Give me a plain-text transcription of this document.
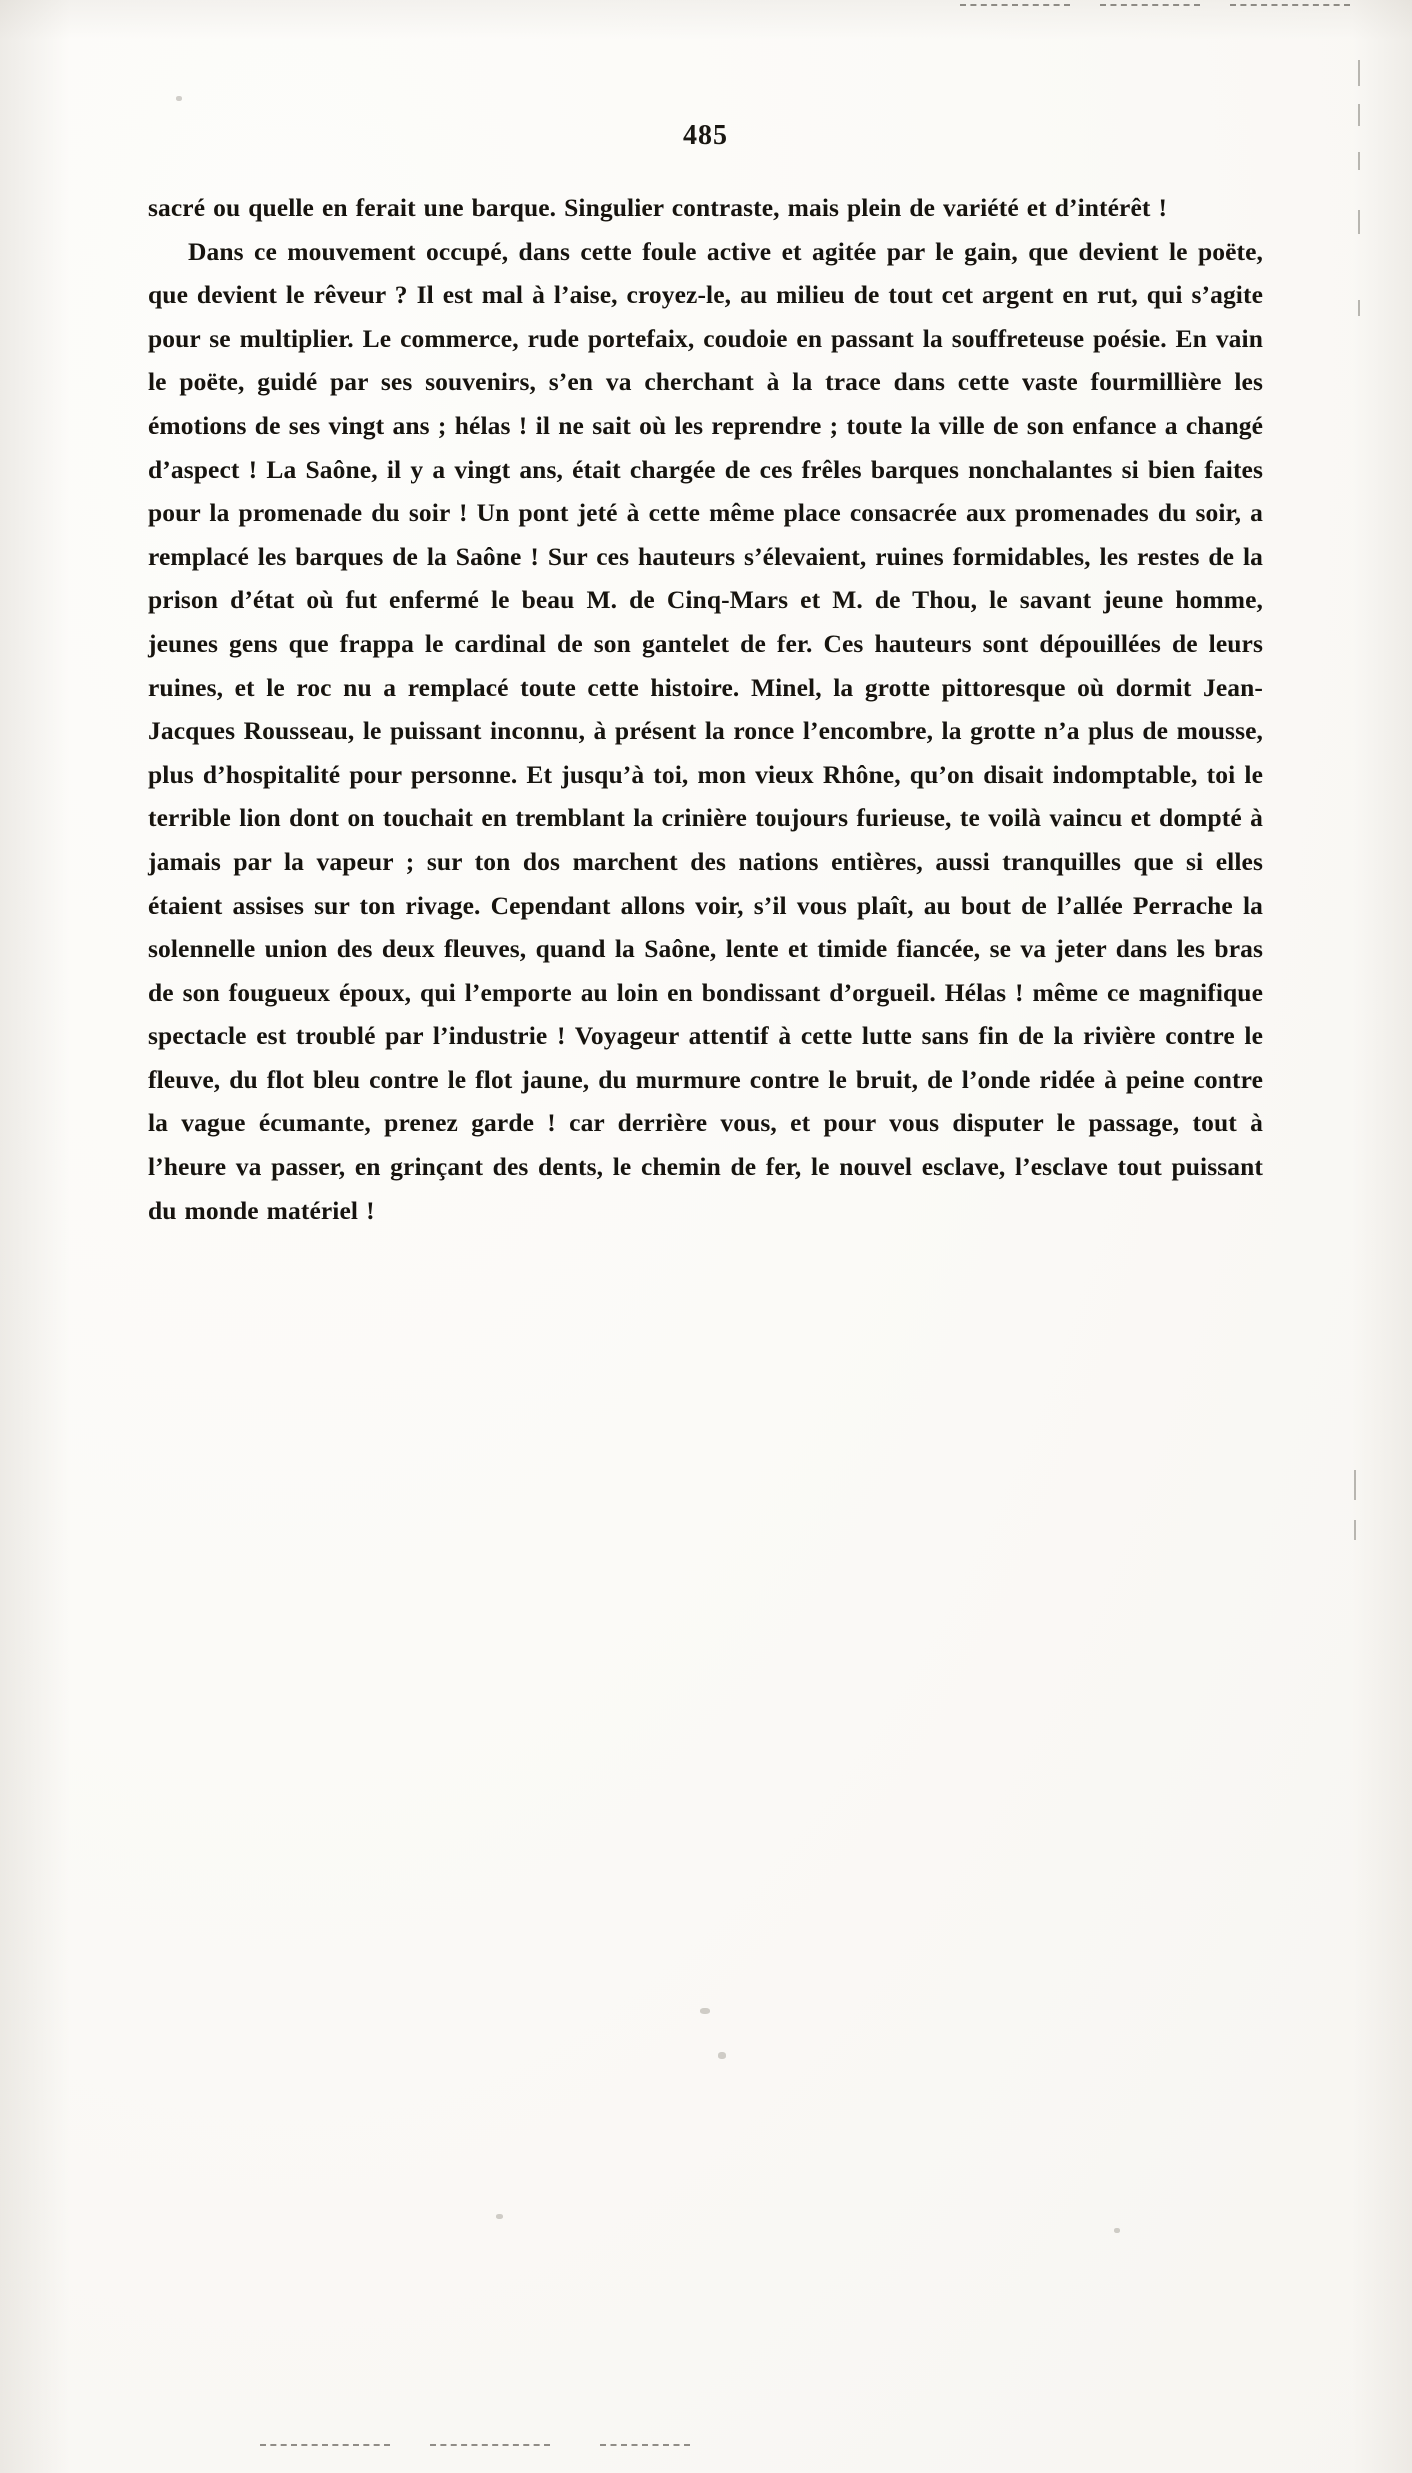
485

sacré ou quelle en ferait une barque. Singulier contraste, mais plein de variété et d’intérêt !

Dans ce mouvement occupé, dans cette foule active et agitée par le gain, que devient le poëte, que devient le rêveur ? Il est mal à l’aise, croyez-le, au milieu de tout cet argent en rut, qui s’agite pour se multiplier. Le commerce, rude portefaix, coudoie en passant la souffreteuse poésie. En vain le poëte, guidé par ses souvenirs, s’en va cherchant à la trace dans cette vaste fourmillière les émotions de ses vingt ans ; hélas ! il ne sait où les reprendre ; toute la ville de son enfance a changé d’aspect ! La Saône, il y a vingt ans, était chargée de ces frêles barques nonchalantes si bien faites pour la promenade du soir ! Un pont jeté à cette même place consacrée aux promenades du soir, a remplacé les barques de la Saône ! Sur ces hauteurs s’élevaient, ruines formidables, les restes de la prison d’état où fut enfermé le beau M. de Cinq-Mars et M. de Thou, le savant jeune homme, jeunes gens que frappa le cardinal de son gantelet de fer. Ces hauteurs sont dépouillées de leurs ruines, et le roc nu a remplacé toute cette histoire. Minel, la grotte pittoresque où dormit Jean-Jacques Rousseau, le puissant inconnu, à présent la ronce l’encombre, la grotte n’a plus de mousse, plus d’hospitalité pour personne. Et jusqu’à toi, mon vieux Rhône, qu’on disait indomptable, toi le terrible lion dont on touchait en tremblant la crinière toujours furieuse, te voilà vaincu et dompté à jamais par la vapeur ; sur ton dos marchent des nations entières, aussi tranquilles que si elles étaient assises sur ton rivage. Cependant allons voir, s’il vous plaît, au bout de l’allée Perrache la solennelle union des deux fleuves, quand la Saône, lente et timide fiancée, se va jeter dans les bras de son fougueux époux, qui l’emporte au loin en bondissant d’orgueil. Hélas ! même ce magnifique spectacle est troublé par l’industrie ! Voyageur attentif à cette lutte sans fin de la rivière contre le fleuve, du flot bleu contre le flot jaune, du murmure contre le bruit, de l’onde ridée à peine contre la vague écumante, prenez garde ! car derrière vous, et pour vous disputer le passage, tout à l’heure va passer, en grinçant des dents, le chemin de fer, le nouvel esclave, l’esclave tout puissant du monde matériel !
